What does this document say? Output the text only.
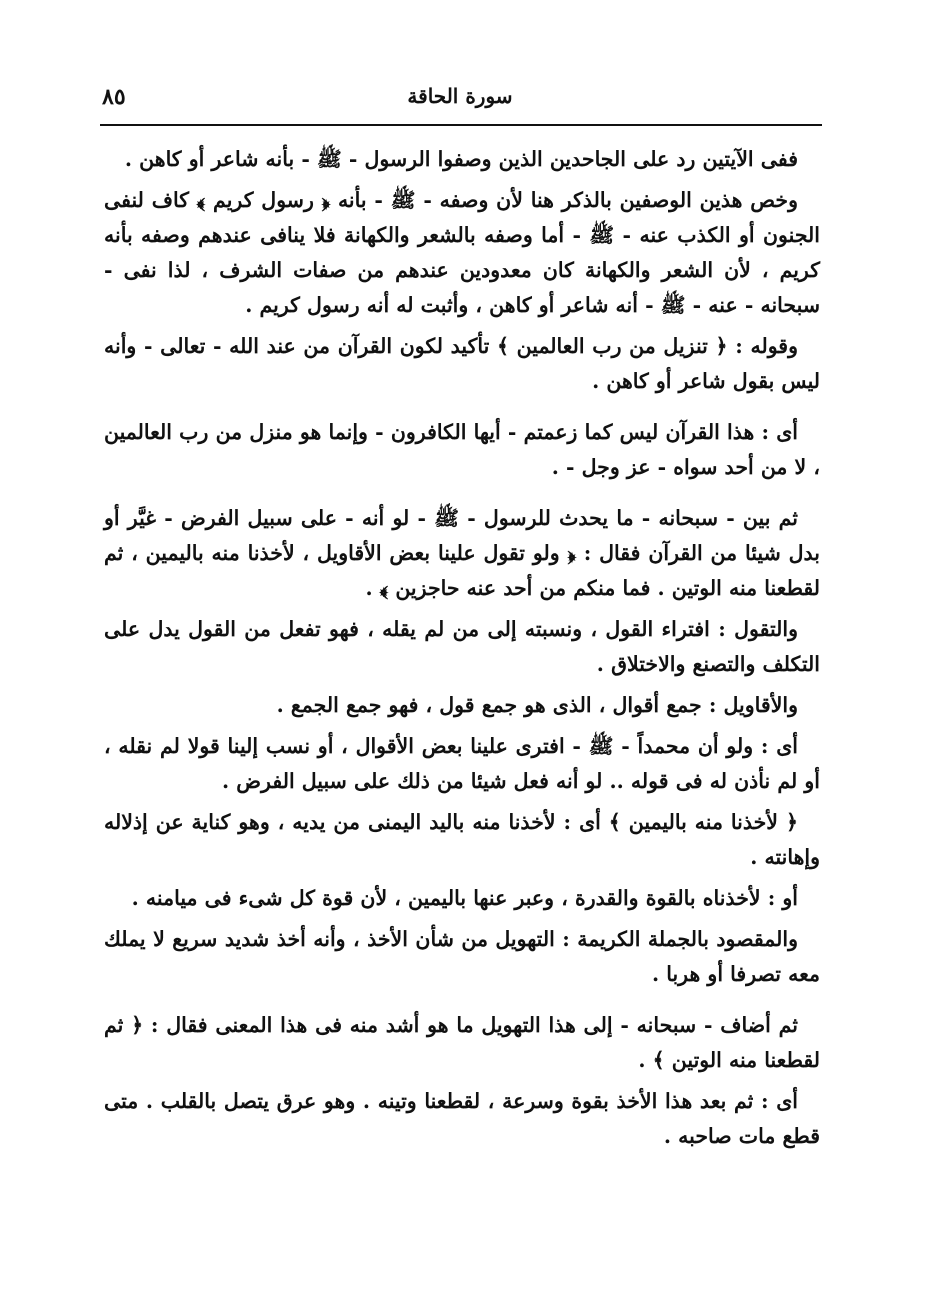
٨٥	سورة الحاقة

ففى الآيتين رد على الجاحدين الذين وصفوا الرسول - ﷺ - بأنه شاعر أو كاهن .

وخص هذين الوصفين بالذكر هنا لأن وصفه - ﷺ - بأنه ﴿ رسول كريم ﴾ كاف لنفى الجنون أو الكذب عنه - ﷺ - أما وصفه بالشعر والكهانة فلا ينافى عندهم وصفه بأنه كريم ، لأن الشعر والكهانة كان معدودين عندهم من صفات الشرف ، لذا نفى - سبحانه - عنه - ﷺ - أنه شاعر أو كاهن ، وأثبت له أنه رسول كريم .

وقوله : ﴿ تنزيل من رب العالمين ﴾ تأكيد لكون القرآن من عند الله - تعالى - وأنه ليس بقول شاعر أو كاهن .

أى : هذا القرآن ليس كما زعمتم - أيها الكافرون - وإنما هو منزل من رب العالمين ، لا من أحد سواه - عز وجل - .

ثم بين - سبحانه - ما يحدث للرسول - ﷺ - لو أنه - على سبيل الفرض - غيَّر أو بدل شيئا من القرآن فقال : ﴿ ولو تقول علينا بعض الأقاويل ، لأخذنا منه باليمين ، ثم لقطعنا منه الوتين . فما منكم من أحد عنه حاجزين ﴾ .

والتقول : افتراء القول ، ونسبته إلى من لم يقله ، فهو تفعل من القول يدل على التكلف والتصنع والاختلاق .

والأقاويل : جمع أقوال ، الذى هو جمع قول ، فهو جمع الجمع .

أى : ولو أن محمداً - ﷺ - افترى علينا بعض الأقوال ، أو نسب إلينا قولا لم نقله ، أو لم نأذن له فى قوله .. لو أنه فعل شيئا من ذلك على سبيل الفرض .

﴿ لأخذنا منه باليمين ﴾ أى : لأخذنا منه باليد اليمنى من يديه ، وهو كناية عن إذلاله وإهانته .

أو : لأخذناه بالقوة والقدرة ، وعبر عنها باليمين ، لأن قوة كل شىء فى ميامنه .

والمقصود بالجملة الكريمة : التهويل من شأن الأخذ ، وأنه أخذ شديد سريع لا يملك معه تصرفا أو هربا .

ثم أضاف - سبحانه - إلى هذا التهويل ما هو أشد منه فى هذا المعنى فقال : ﴿ ثم لقطعنا منه الوتين ﴾ .

أى : ثم بعد هذا الأخذ بقوة وسرعة ، لقطعنا وتينه . وهو عرق يتصل بالقلب . متى قطع مات صاحبه .
